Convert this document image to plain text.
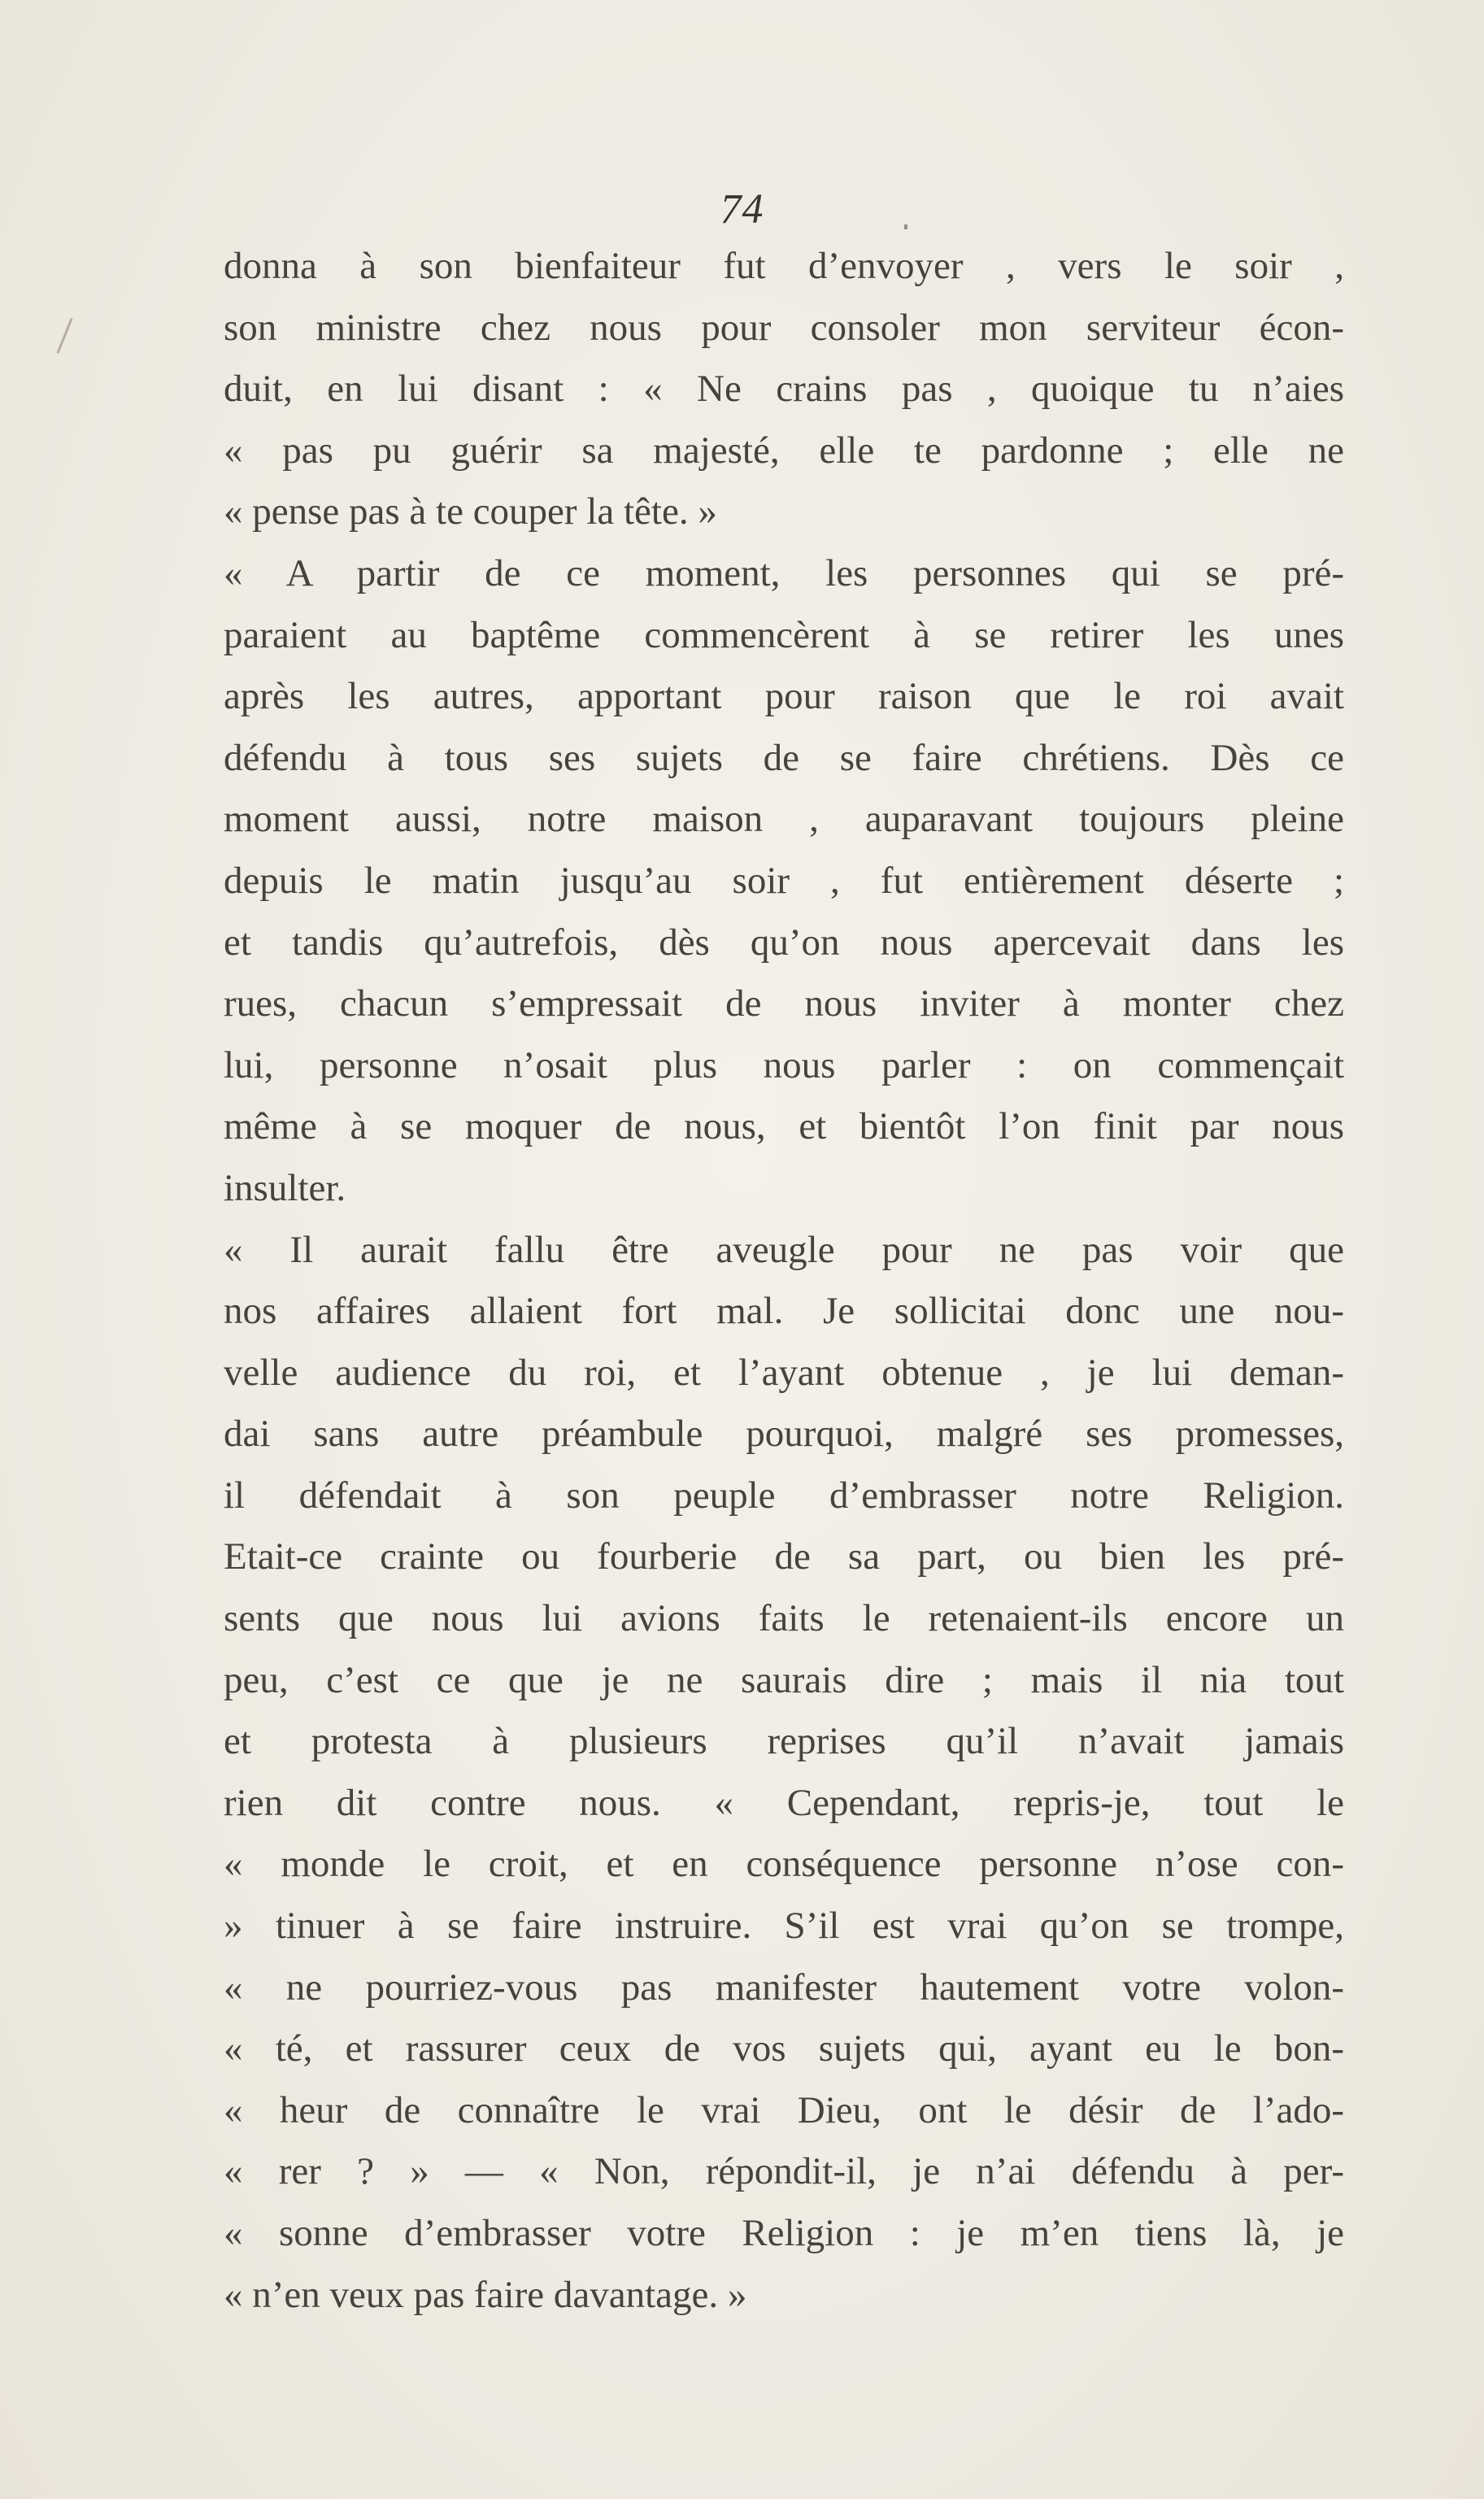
74
donna à son bienfaiteur fut d’envoyer , vers le soir ,
son ministre chez nous pour consoler mon serviteur écon-
duit, en lui disant : « Ne crains pas , quoique tu n’aies
« pas pu guérir sa majesté, elle te pardonne ; elle ne
« pense pas à te couper la tête. »
« A partir de ce moment, les personnes qui se pré-
paraient au baptême commencèrent à se retirer les unes
après les autres, apportant pour raison que le roi avait
défendu à tous ses sujets de se faire chrétiens. Dès ce
moment aussi, notre maison , auparavant toujours pleine
depuis le matin jusqu’au soir , fut entièrement déserte ;
et tandis qu’autrefois, dès qu’on nous apercevait dans les
rues, chacun s’empressait de nous inviter à monter chez
lui, personne n’osait plus nous parler : on commençait
même à se moquer de nous, et bientôt l’on finit par nous
insulter.
« Il aurait fallu être aveugle pour ne pas voir que
nos affaires allaient fort mal. Je sollicitai donc une nou-
velle audience du roi, et l’ayant obtenue , je lui deman-
dai sans autre préambule pourquoi, malgré ses promesses,
il défendait à son peuple d’embrasser notre Religion.
Etait-ce crainte ou fourberie de sa part, ou bien les pré-
sents que nous lui avions faits le retenaient-ils encore un
peu, c’est ce que je ne saurais dire ; mais il nia tout
et protesta à plusieurs reprises qu’il n’avait jamais
rien dit contre nous. « Cependant, repris-je, tout le
« monde le croit, et en conséquence personne n’ose con-
» tinuer à se faire instruire. S’il est vrai qu’on se trompe,
« ne pourriez-vous pas manifester hautement votre volon-
« té, et rassurer ceux de vos sujets qui, ayant eu le bon-
« heur de connaître le vrai Dieu, ont le désir de l’ado-
« rer ? » — « Non, répondit-il, je n’ai défendu à per-
« sonne d’embrasser votre Religion : je m’en tiens là, je
« n’en veux pas faire davantage. »
